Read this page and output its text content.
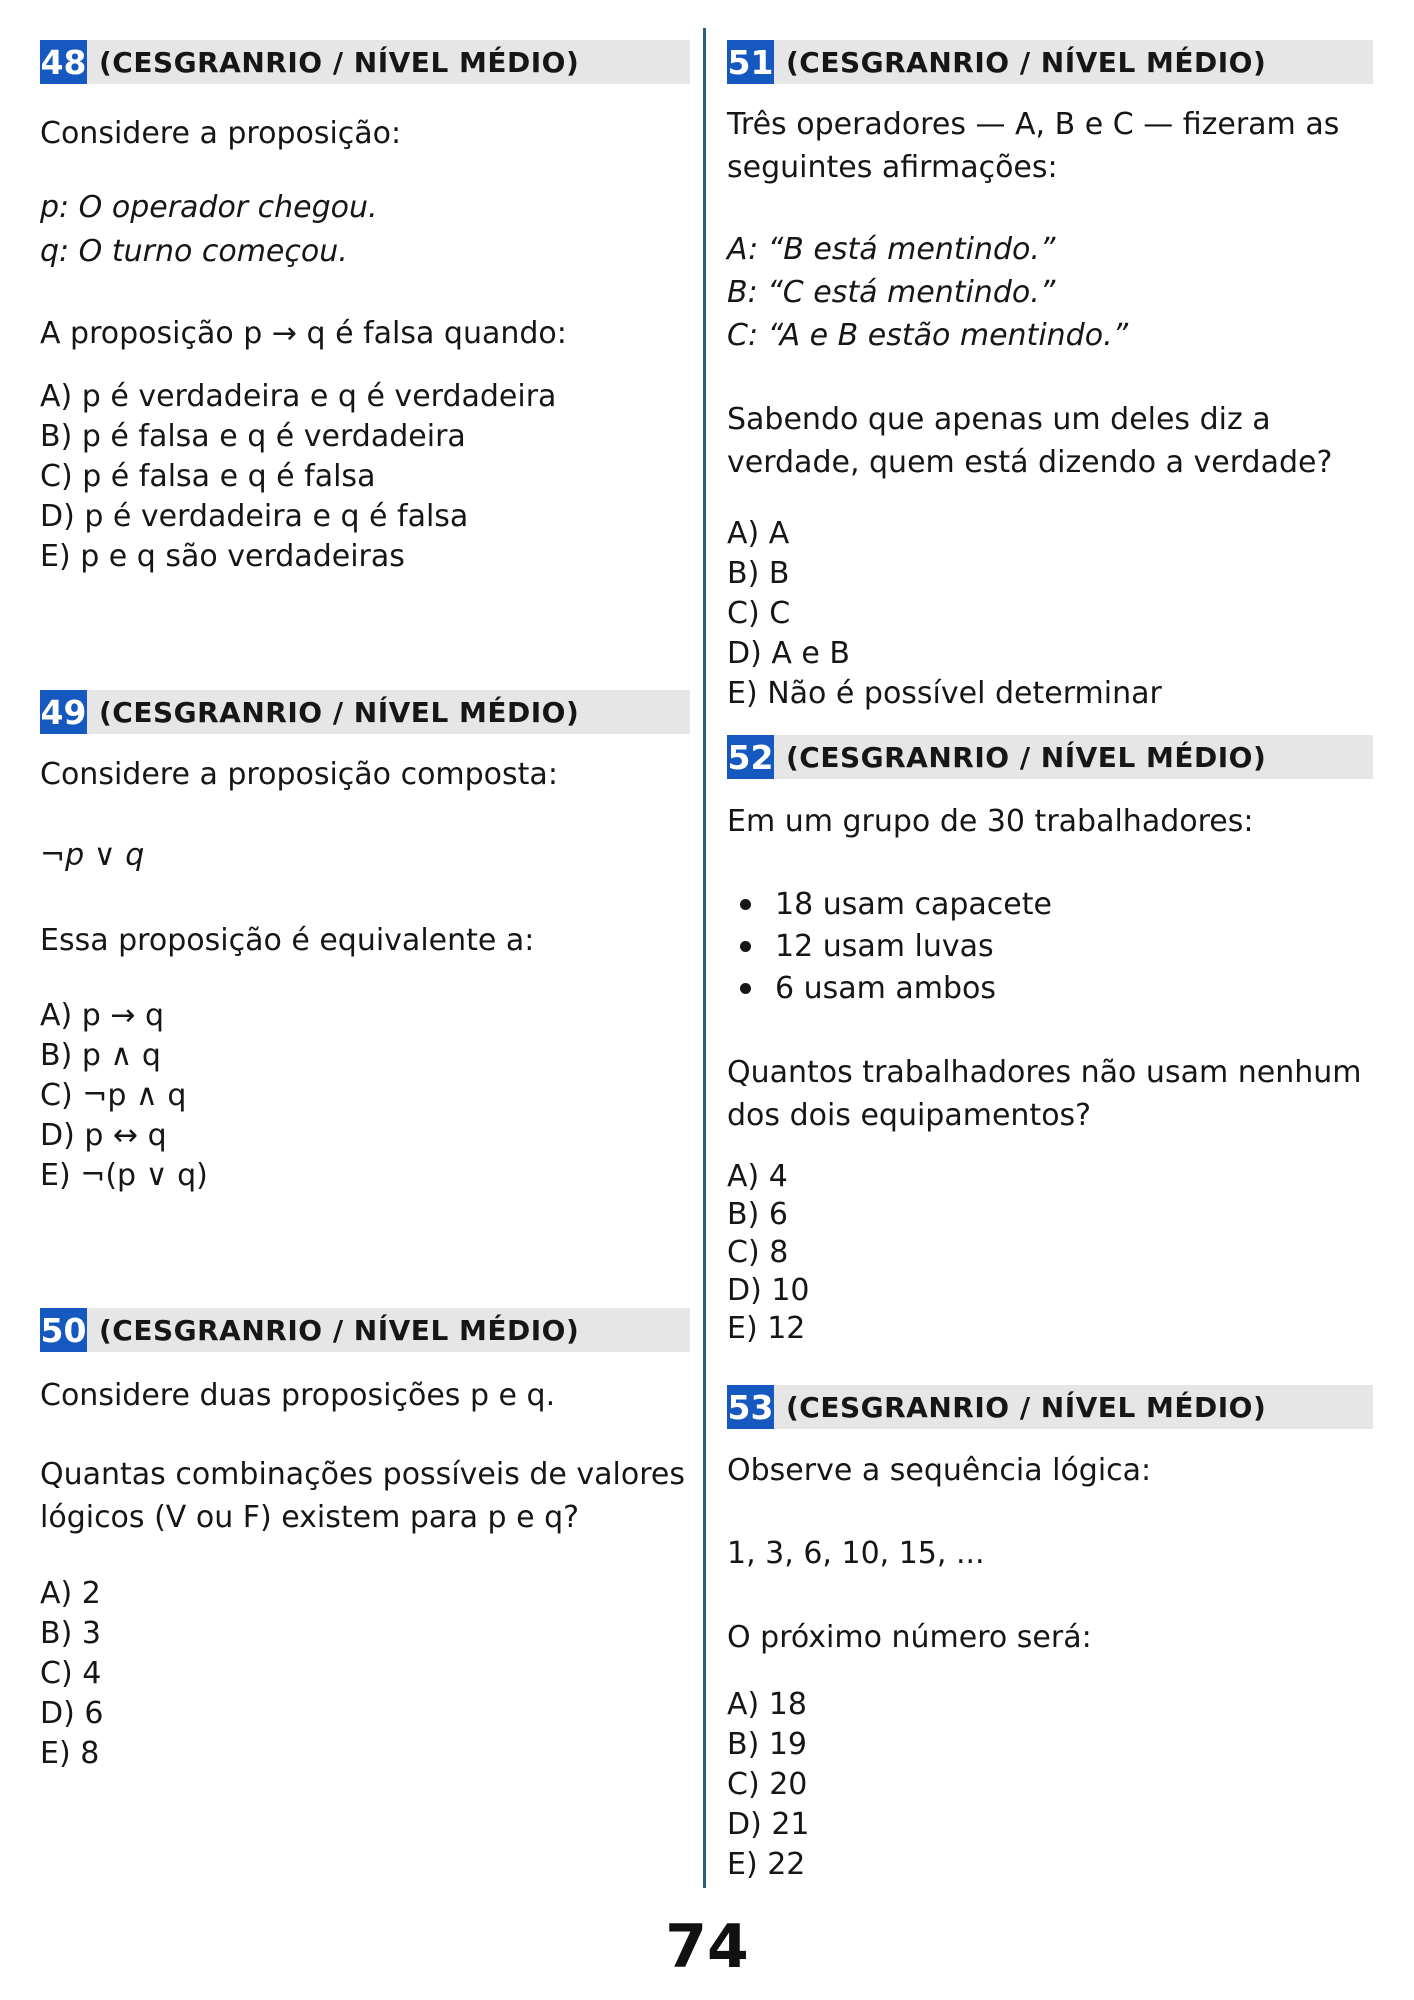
48 (CESGRANRIO / NÍVEL MÉDIO)
Considere a proposição:
p: O operador chegou.
q: O turno começou.
A proposição p → q é falsa quando:
A) p é verdadeira e q é verdadeira
B) p é falsa e q é verdadeira
C) p é falsa e q é falsa
D) p é verdadeira e q é falsa
E) p e q são verdadeiras
49 (CESGRANRIO / NÍVEL MÉDIO)
Considere a proposição composta:
¬p ∨ q
Essa proposição é equivalente a:
A) p → q
B) p ∧ q
C) ¬p ∧ q
D) p ↔ q
E) ¬(p ∨ q)
50 (CESGRANRIO / NÍVEL MÉDIO)
Considere duas proposições p e q.
Quantas combinações possíveis de valores lógicos (V ou F) existem para p e q?
A) 2
B) 3
C) 4
D) 6
E) 8
51 (CESGRANRIO / NÍVEL MÉDIO)
Três operadores — A, B e C — fizeram as seguintes afirmações:
A: “B está mentindo.”
B: “C está mentindo.”
C: “A e B estão mentindo.”
Sabendo que apenas um deles diz a verdade, quem está dizendo a verdade?
A) A
B) B
C) C
D) A e B
E) Não é possível determinar
52 (CESGRANRIO / NÍVEL MÉDIO)
Em um grupo de 30 trabalhadores:
18 usam capacete
12 usam luvas
6 usam ambos
Quantos trabalhadores não usam nenhum dos dois equipamentos?
A) 4
B) 6
C) 8
D) 10
E) 12
53 (CESGRANRIO / NÍVEL MÉDIO)
Observe a sequência lógica:
1, 3, 6, 10, 15, ...
O próximo número será:
A) 18
B) 19
C) 20
D) 21
E) 22
74
